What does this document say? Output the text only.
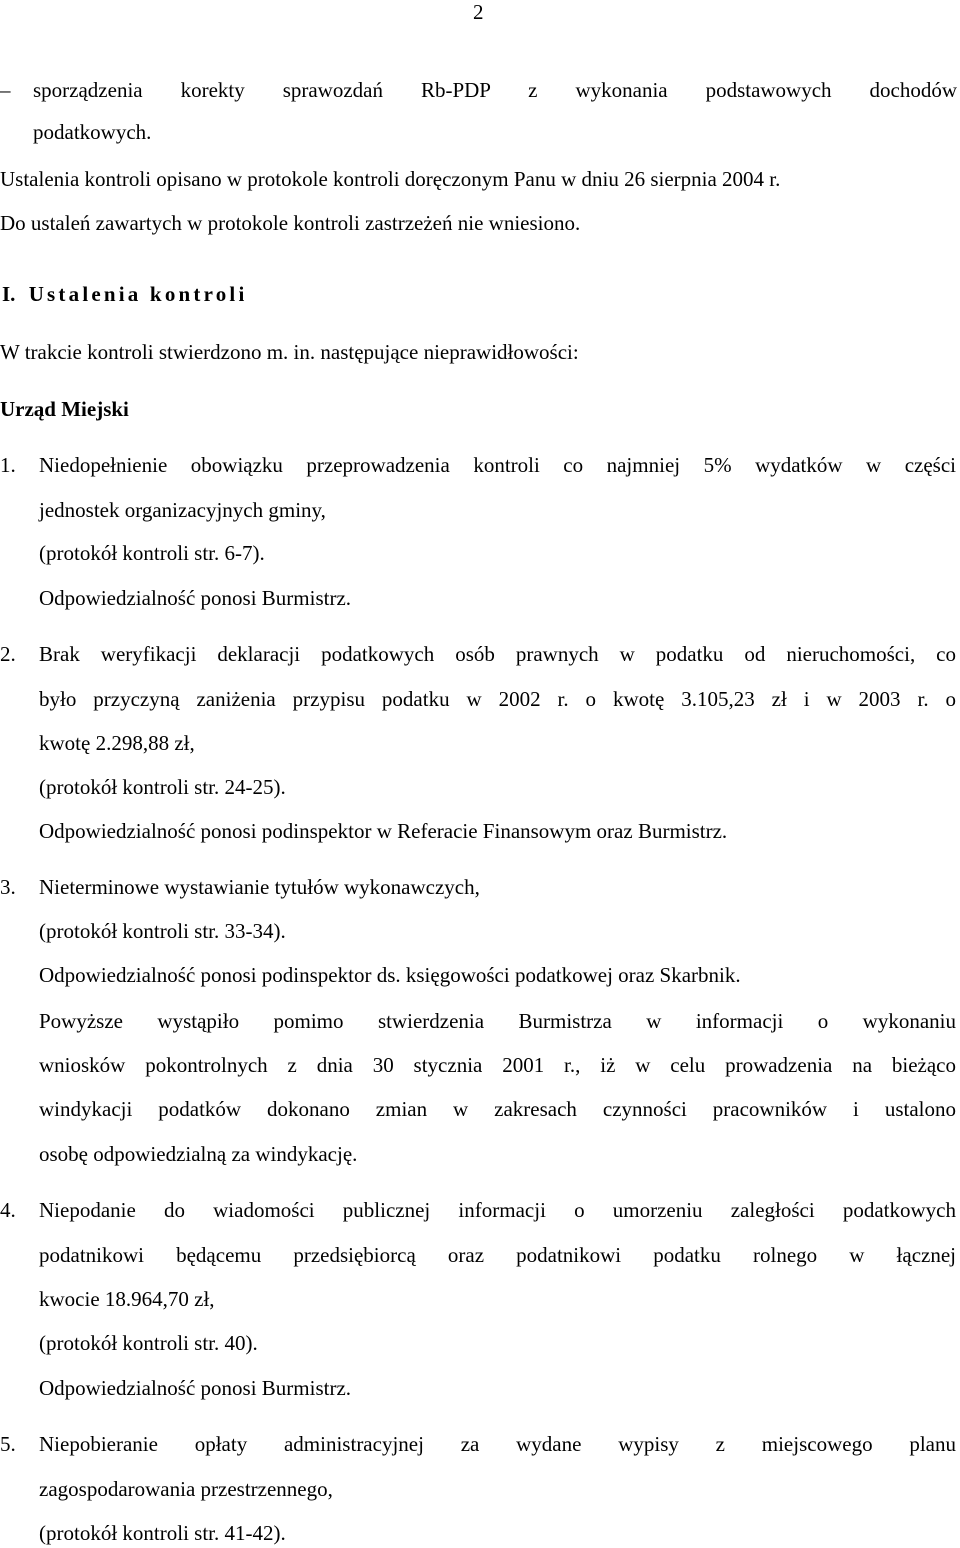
2
–	sporządzenia korekty sprawozdań Rb-PDP z wykonania podstawowych dochodów
podatkowych.
Ustalenia kontroli opisano w protokole kontroli doręczonym Panu w dniu 26 sierpnia 2004 r.
Do ustaleń zawartych w protokole kontroli zastrzeżeń nie wniesiono.
I. Ustalenia kontroli
W trakcie kontroli stwierdzono m. in. następujące nieprawidłowości:
Urząd Miejski
1. Niedopełnienie obowiązku przeprowadzenia kontroli co najmniej 5% wydatków w części
jednostek organizacyjnych gminy,
(protokół kontroli str. 6-7).
Odpowiedzialność ponosi Burmistrz.
2. Brak weryfikacji deklaracji podatkowych osób prawnych w podatku od nieruchomości, co
było przyczyną zaniżenia przypisu podatku w 2002 r. o kwotę 3.105,23 zł i w 2003 r. o
kwotę 2.298,88 zł,
(protokół kontroli str. 24-25).
Odpowiedzialność ponosi podinspektor w Referacie Finansowym oraz Burmistrz.
3. Nieterminowe wystawianie tytułów wykonawczych,
(protokół kontroli str. 33-34).
Odpowiedzialność ponosi podinspektor ds. księgowości podatkowej oraz Skarbnik.
Powyższe wystąpiło pomimo stwierdzenia Burmistrza w informacji o wykonaniu
wniosków pokontrolnych z dnia 30 stycznia 2001 r., iż w celu prowadzenia na bieżąco
windykacji podatków dokonano zmian w zakresach czynności pracowników i ustalono
osobę odpowiedzialną za windykację.
4. Niepodanie do wiadomości publicznej informacji o umorzeniu zaległości podatkowych
podatnikowi będącemu przedsiębiorcą oraz podatnikowi podatku rolnego w łącznej
kwocie 18.964,70 zł,
(protokół kontroli str. 40).
Odpowiedzialność ponosi Burmistrz.
5. Niepobieranie opłaty administracyjnej za wydane wypisy z miejscowego planu
zagospodarowania przestrzennego,
(protokół kontroli str. 41-42).
